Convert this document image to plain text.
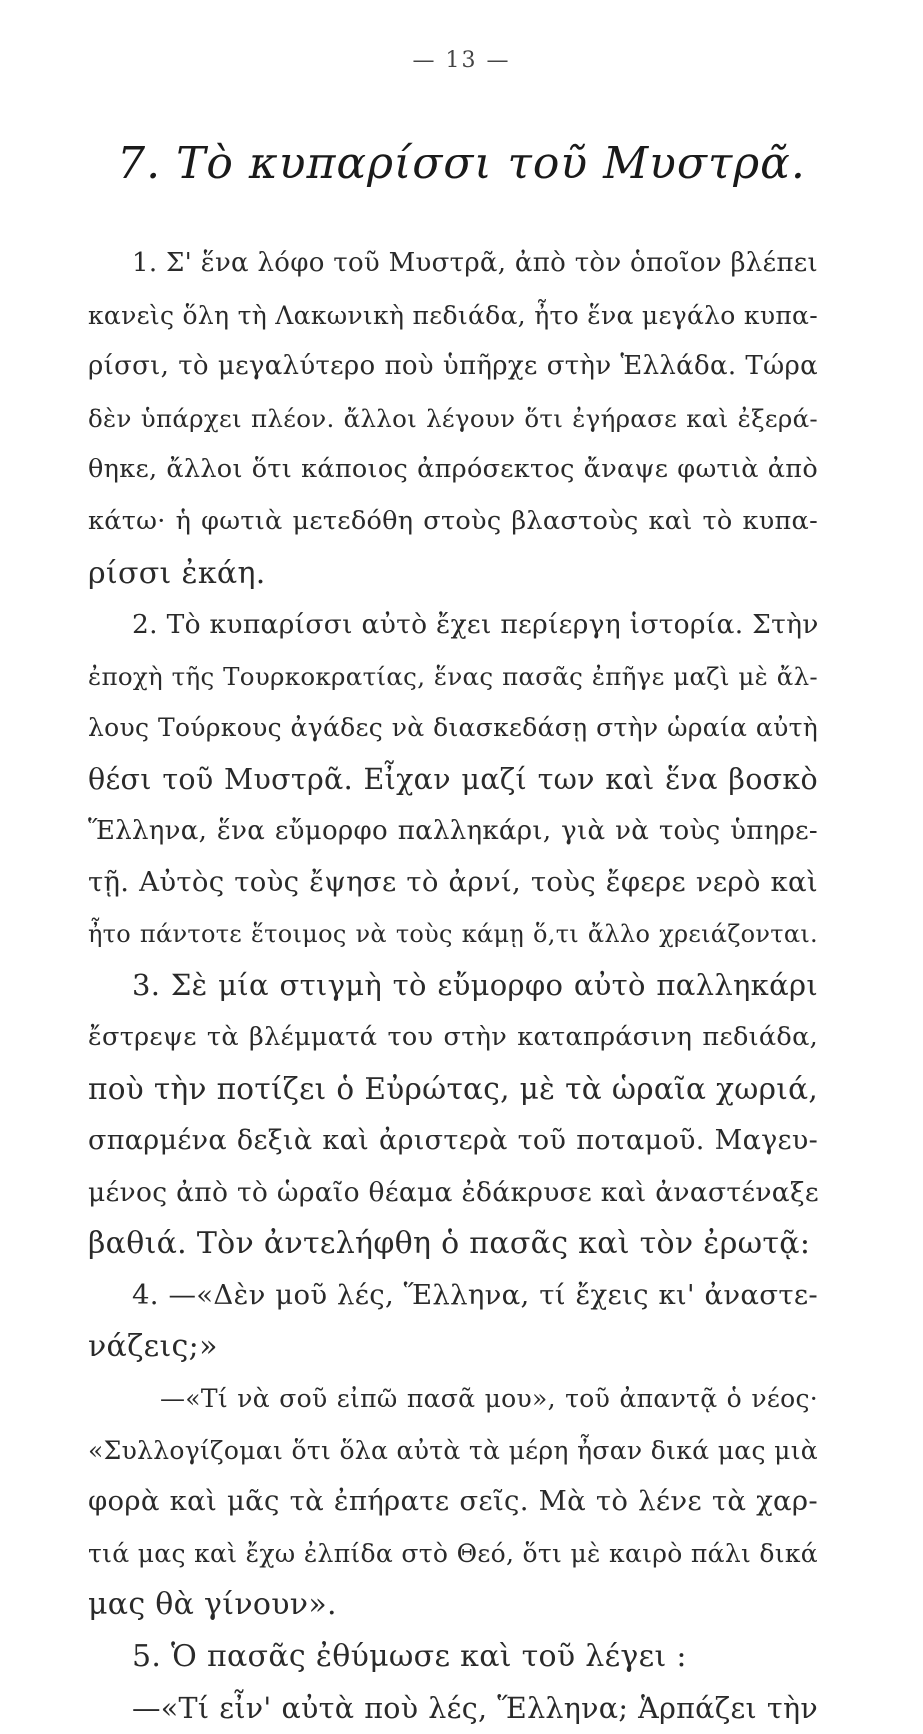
— 13 —
7. Τὸ κυπαρίσσι τοῦ Μυστρᾶ.
1. Σ' ἕνα λόφο τοῦ Μυστρᾶ, ἀπὸ τὸν ὁποῖον βλέπει
κανεὶς ὅλη τὴ Λακωνικὴ πεδιάδα, ἦτο ἕνα μεγάλο κυπα-
ρίσσι, τὸ μεγαλύτερο ποὺ ὑπῆρχε στὴν Ἑλλάδα. Τώρα
δὲν ὑπάρχει πλέον. ἄλλοι λέγουν ὅτι ἐγήρασε καὶ ἐξερά-
θηκε, ἄλλοι ὅτι κάποιος ἀπρόσεκτος ἄναψε φωτιὰ ἀπὸ
κάτω· ἡ φωτιὰ μετεδόθη στοὺς βλαστοὺς καὶ τὸ κυπα-
ρίσσι ἐκάη.
2. Τὸ κυπαρίσσι αὐτὸ ἔχει περίεργη ἱστορία. Στὴν
ἐποχὴ τῆς Τουρκοκρατίας, ἕνας πασᾶς ἐπῆγε μαζὶ μὲ ἄλ-
λους Τούρκους ἀγάδες νὰ διασκεδάσῃ στὴν ὡραία αὐτὴ
θέσι τοῦ Μυστρᾶ. Εἶχαν μαζί των καὶ ἕνα βοσκὸ
Ἕλληνα, ἕνα εὔμορφο παλληκάρι, γιὰ νὰ τοὺς ὑπηρε-
τῇ. Αὐτὸς τοὺς ἔψησε τὸ ἀρνί, τοὺς ἔφερε νερὸ καὶ
ἦτο πάντοτε ἕτοιμος νὰ τοὺς κάμῃ ὅ,τι ἄλλο χρειάζονται.
3. Σὲ μία στιγμὴ τὸ εὔμορφο αὐτὸ παλληκάρι
ἔστρεψε τὰ βλέμματά του στὴν καταπράσινη πεδιάδα,
ποὺ τὴν ποτίζει ὁ Εὐρώτας, μὲ τὰ ὡραῖα χωριά,
σπαρμένα δεξιὰ καὶ ἀριστερὰ τοῦ ποταμοῦ. Μαγευ-
μένος ἀπὸ τὸ ὡραῖο θέαμα ἐδάκρυσε καὶ ἀναστέναξε
βαθιά. Τὸν ἀντελήφθη ὁ πασᾶς καὶ τὸν ἐρωτᾷ:
4. —«Δὲν μοῦ λές, Ἕλληνα, τί ἔχεις κι' ἀναστε-
νάζεις;»
—«Τί νὰ σοῦ εἰπῶ πασᾶ μου», τοῦ ἀπαντᾷ ὁ νέος·
«Συλλογίζομαι ὅτι ὅλα αὐτὰ τὰ μέρη ἦσαν δικά μας μιὰ
φορὰ καὶ μᾶς τὰ ἐπήρατε σεῖς. Μὰ τὸ λένε τὰ χαρ-
τιά μας καὶ ἔχω ἐλπίδα στὸ Θεό, ὅτι μὲ καιρὸ πάλι δικά
μας θὰ γίνουν».
5. Ὁ πασᾶς ἐθύμωσε καὶ τοῦ λέγει :
—«Τί εἶν' αὐτὰ ποὺ λές, Ἕλληνα; Ἁρπάζει τὴν
